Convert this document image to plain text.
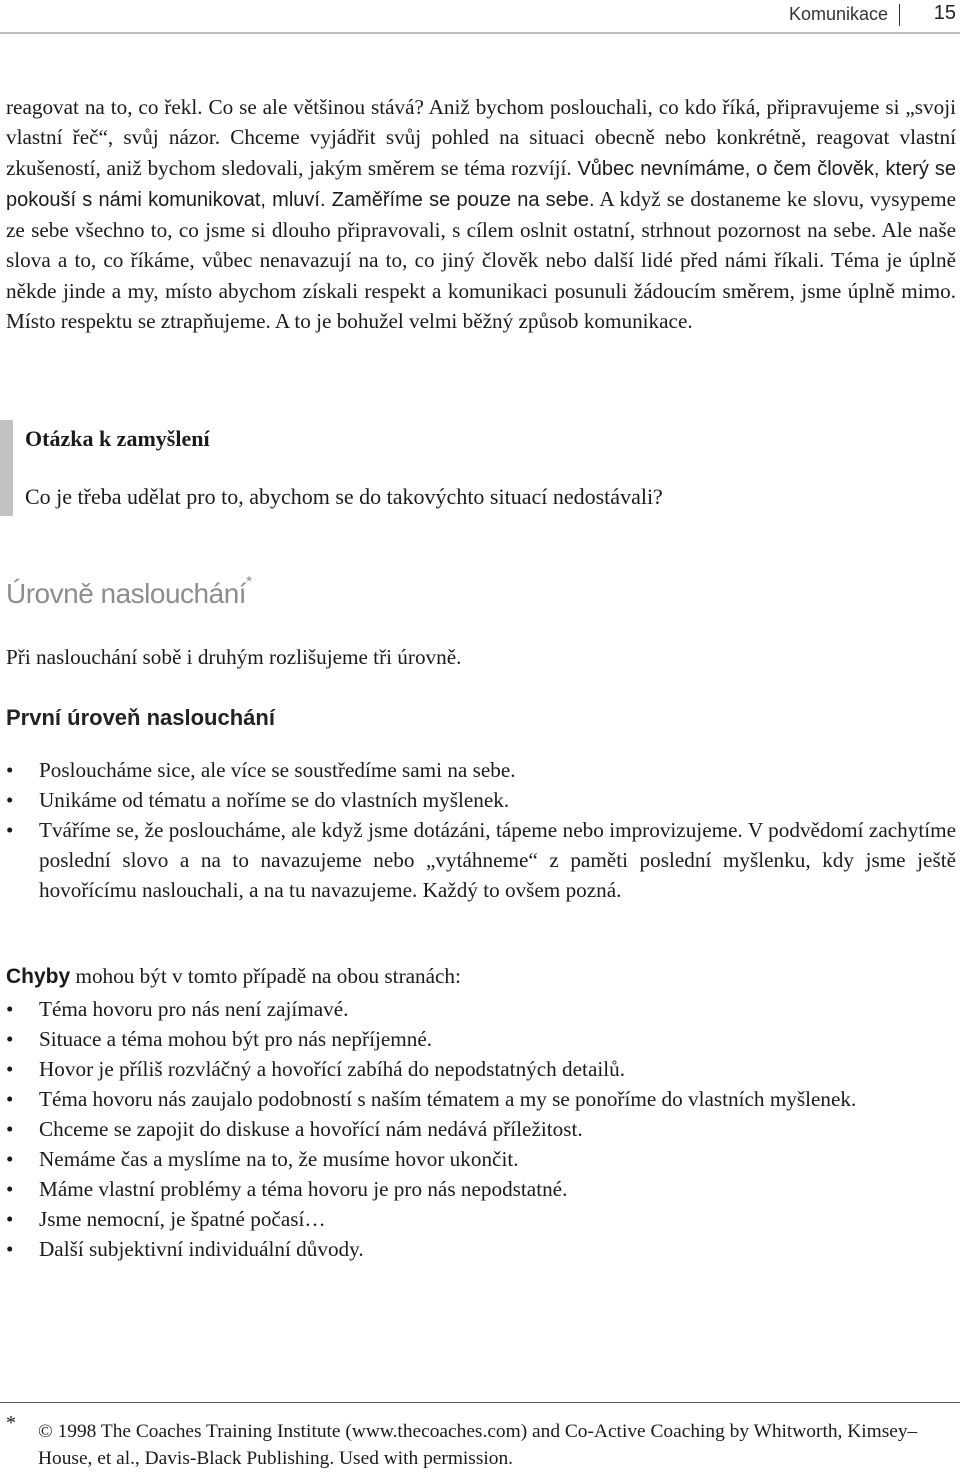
Komunikace 15
reagovat na to, co řekl. Co se ale většinou stává? Aniž bychom poslouchali, co kdo říká, připravujeme si „svoji vlastní řeč“, svůj názor. Chceme vyjádřit svůj pohled na situaci obecně nebo konkrétně, reagovat vlastní zkušeností, aniž bychom sledovali, jakým směrem se téma rozvíjí. Vůbec nevnímáme, o čem člověk, který se pokouší s námi komunikovat, mluví. Zaměříme se pouze na sebe. A když se dostaneme ke slovu, vysypeme ze sebe všechno to, co jsme si dlouho připravovali, s cílem oslnit ostatní, strhnout pozornost na sebe. Ale naše slova a to, co říkáme, vůbec nenavazují na to, co jiný člověk nebo další lidé před námi říkali. Téma je úplně někde jinde a my, místo abychom získali respekt a komunikaci posunuli žádoucím směrem, jsme úplně mimo. Místo respektu se ztrapňujeme. A to je bohužel velmi běžný způsob komunikace.
Otázka k zamyšlení
Co je třeba udělat pro to, abychom se do takovýchto situací nedostávali?
Úrovně naslouchání*
Při naslouchání sobě i druhým rozlišujeme tři úrovně.
První úroveň naslouchání
•	Posloucháme sice, ale více se soustředíme sami na sebe.
•	Unikáme od tématu a noříme se do vlastních myšlenek.
•	Tváříme se, že posloucháme, ale když jsme dotázáni, tápeme nebo improvizujeme. V podvědomí zachytíme poslední slovo a na to navazujeme nebo „vytáhneme“ z paměti poslední myšlenku, kdy jsme ještě hovořícímu naslouchali, a na tu navazujeme. Každý to ovšem pozná.
Chyby mohou být v tomto případě na obou stranách:
•	Téma hovoru pro nás není zajímavé.
•	Situace a téma mohou být pro nás nepříjemné.
•	Hovor je příliš rozvláčný a hovořící zabíhá do nepodstatných detailů.
•	Téma hovoru nás zaujalo podobností s naším tématem a my se ponoříme do vlastních myšlenek.
•	Chceme se zapojit do diskuse a hovořící nám nedává příležitost.
•	Nemáme čas a myslíme na to, že musíme hovor ukončit.
•	Máme vlastní problémy a téma hovoru je pro nás nepodstatné.
•	Jsme nemocní, je špatné počasí…
•	Další subjektivní individuální důvody.
* © 1998 The Coaches Training Institute (www.thecoaches.com) and Co-Active Coaching by Whitworth, Kimsey–House, et al., Davis-Black Publishing. Used with permission.
